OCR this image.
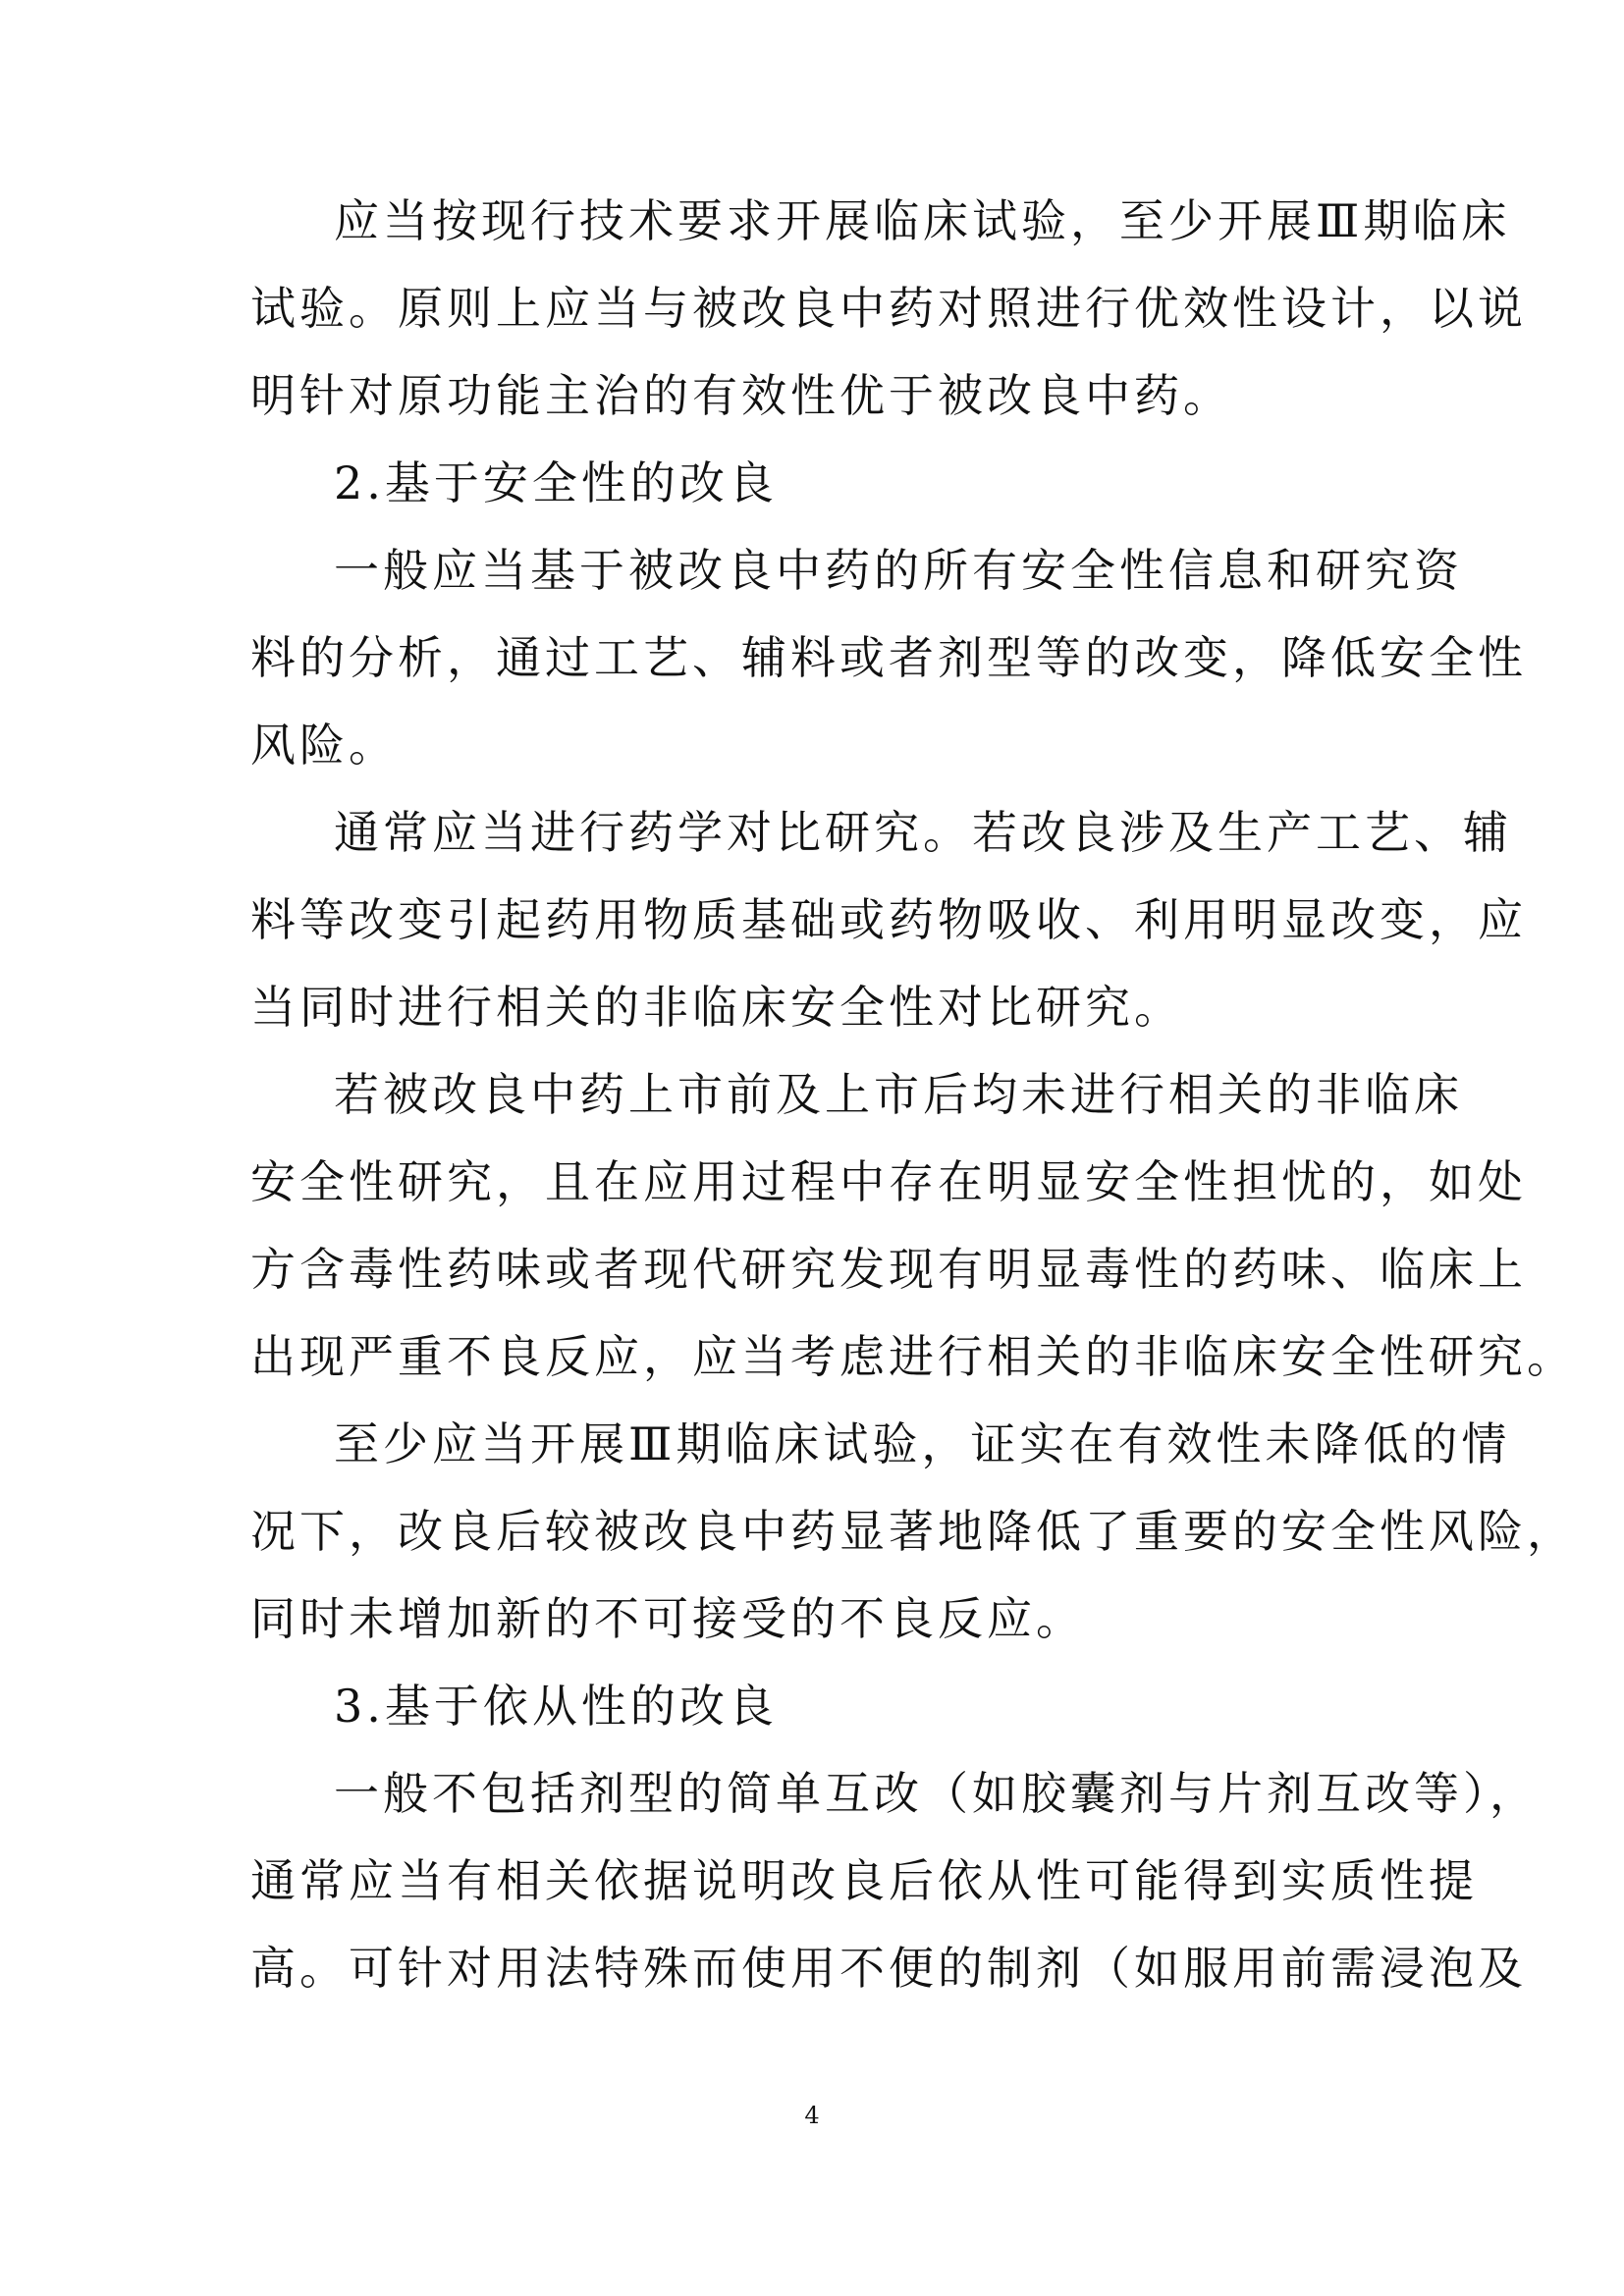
应当按现行技术要求开展临床试验，至少开展Ⅲ期临床
试验。原则上应当与被改良中药对照进行优效性设计，以说
明针对原功能主治的有效性优于被改良中药。
2.基于安全性的改良
一般应当基于被改良中药的所有安全性信息和研究资
料的分析，通过工艺、辅料或者剂型等的改变，降低安全性
风险。
通常应当进行药学对比研究。若改良涉及生产工艺、辅
料等改变引起药用物质基础或药物吸收、利用明显改变，应
当同时进行相关的非临床安全性对比研究。
若被改良中药上市前及上市后均未进行相关的非临床
安全性研究，且在应用过程中存在明显安全性担忧的，如处
方含毒性药味或者现代研究发现有明显毒性的药味、临床上
出现严重不良反应，应当考虑进行相关的非临床安全性研究。
至少应当开展Ⅲ期临床试验，证实在有效性未降低的情
况下，改良后较被改良中药显著地降低了重要的安全性风险，
同时未增加新的不可接受的不良反应。
3.基于依从性的改良
一般不包括剂型的简单互改（如胶囊剂与片剂互改等），
通常应当有相关依据说明改良后依从性可能得到实质性提
高。可针对用法特殊而使用不便的制剂（如服用前需浸泡及
4
